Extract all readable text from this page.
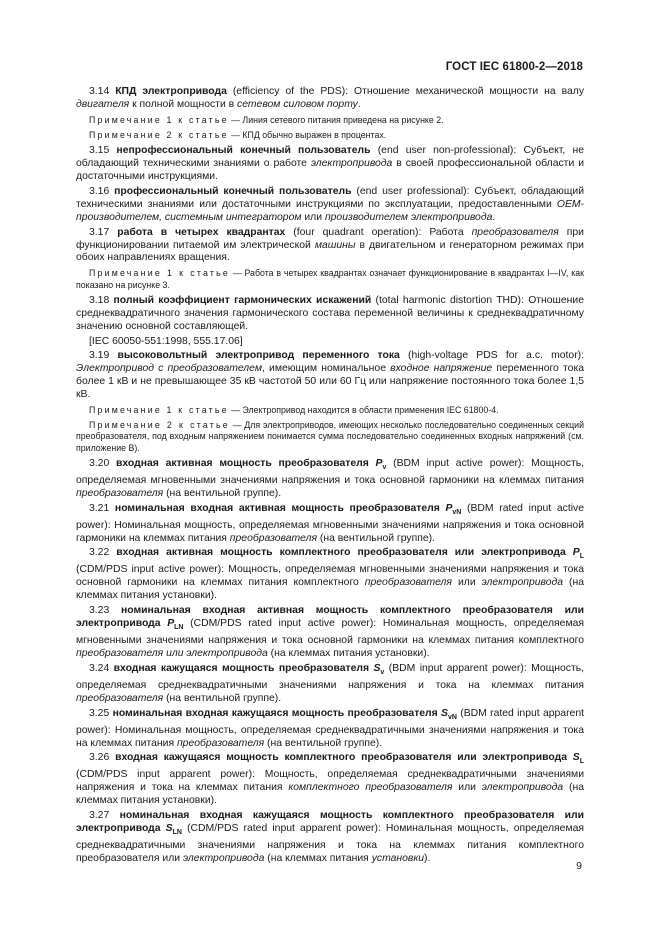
ГОСТ IEC 61800-2—2018

3.14 КПД электропривода (efficiency of the PDS): Отношение механической мощности на валу двигателя к полной мощности в сетевом силовом порту.

Примечание 1 к статье — Линия сетевого питания приведена на рисунке 2.

Примечание 2 к статье — КПД обычно выражен в процентах.

3.15 непрофессиональный конечный пользователь (end user non-professional): Субъект, не обладающий техническими знаниями о работе электропривода в своей профессиональной области и достаточными инструкциями.

3.16 профессиональный конечный пользователь (end user professional): Субъект, обладающий техническими знаниями или достаточными инструкциями по эксплуатации, предоставленными OEM-производителем, системным интегратором или производителем электропривода.

3.17 работа в четырех квадрантах (four quadrant operation): Работа преобразователя при функционировании питаемой им электрической машины в двигательном и генераторном режимах при обоих направлениях вращения.

Примечание 1 к статье — Работа в четырех квадрантах означает функционирование в квадрантах I—IV, как показано на рисунке 3.

3.18 полный коэффициент гармонических искажений (total harmonic distortion THD): Отношение среднеквадратичного значения гармонического состава переменной величины к среднеквадратичному значению основной составляющей.

[IEC 60050-551:1998, 555.17.06]

3.19 высоковольтный электропривод переменного тока (high-voltage PDS for a.c. motor): Электропривод с преобразователем, имеющим номинальное входное напряжение переменного тока более 1 кВ и не превышающее 35 кВ частотой 50 или 60 Гц или напряжение постоянного тока более 1,5 кВ.

Примечание 1 к статье — Электропривод находится в области применения IEC 61800-4.

Примечание 2 к статье — Для электроприводов, имеющих несколько последовательно соединенных секций преобразователя, под входным напряжением понимается сумма последовательно соединенных входных напряжений (см. приложение В).

3.20 входная активная мощность преобразователя $P_v$ (BDM input active power): Мощность, определяемая мгновенными значениями напряжения и тока основной гармоники на клеммах питания преобразователя (на вентильной группе).

3.21 номинальная входная активная мощность преобразователя $P_{vN}$ (BDM rated input active power): Номинальная мощность, определяемая мгновенными значениями напряжения и тока основной гармоники на клеммах питания преобразователя (на вентильной группе).

3.22 входная активная мощность комплектного преобразователя или электропривода $P_L$ (CDM/PDS input active power): Мощность, определяемая мгновенными значениями напряжения и тока основной гармоники на клеммах питания комплектного преобразователя или электропривода (на клеммах питания установки).

3.23 номинальная входная активная мощность комплектного преобразователя или электропривода $P_{LN}$ (CDM/PDS rated input active power): Номинальная мощность, определяемая мгновенными значениями напряжения и тока основной гармоники на клеммах питания комплектного преобразователя или электропривода (на клеммах питания установки).

3.24 входная кажущаяся мощность преобразователя $S_v$ (BDM input apparent power): Мощность, определяемая среднеквадратичными значениями напряжения и тока на клеммах питания преобразователя (на вентильной группе).

3.25 номинальная входная кажущаяся мощность преобразователя $S_{vN}$ (BDM rated input apparent power): Номинальная мощность, определяемая среднеквадратичными значениями напряжения и тока на клеммах питания преобразователя (на вентильной группе).

3.26 входная кажущаяся мощность комплектного преобразователя или электропривода $S_L$ (CDM/PDS input apparent power): Мощность, определяемая среднеквадратичными значениями напряжения и тока на клеммах питания комплектного преобразователя или электропривода (на клеммах питания установки).

3.27 номинальная входная кажущаяся мощность комплектного преобразователя или электропривода $S_{LN}$ (CDM/PDS rated input apparent power): Номинальная мощность, определяемая среднеквадратичными значениями напряжения и тока на клеммах питания комплектного преобразователя или электропривода (на клеммах питания установки).

9
